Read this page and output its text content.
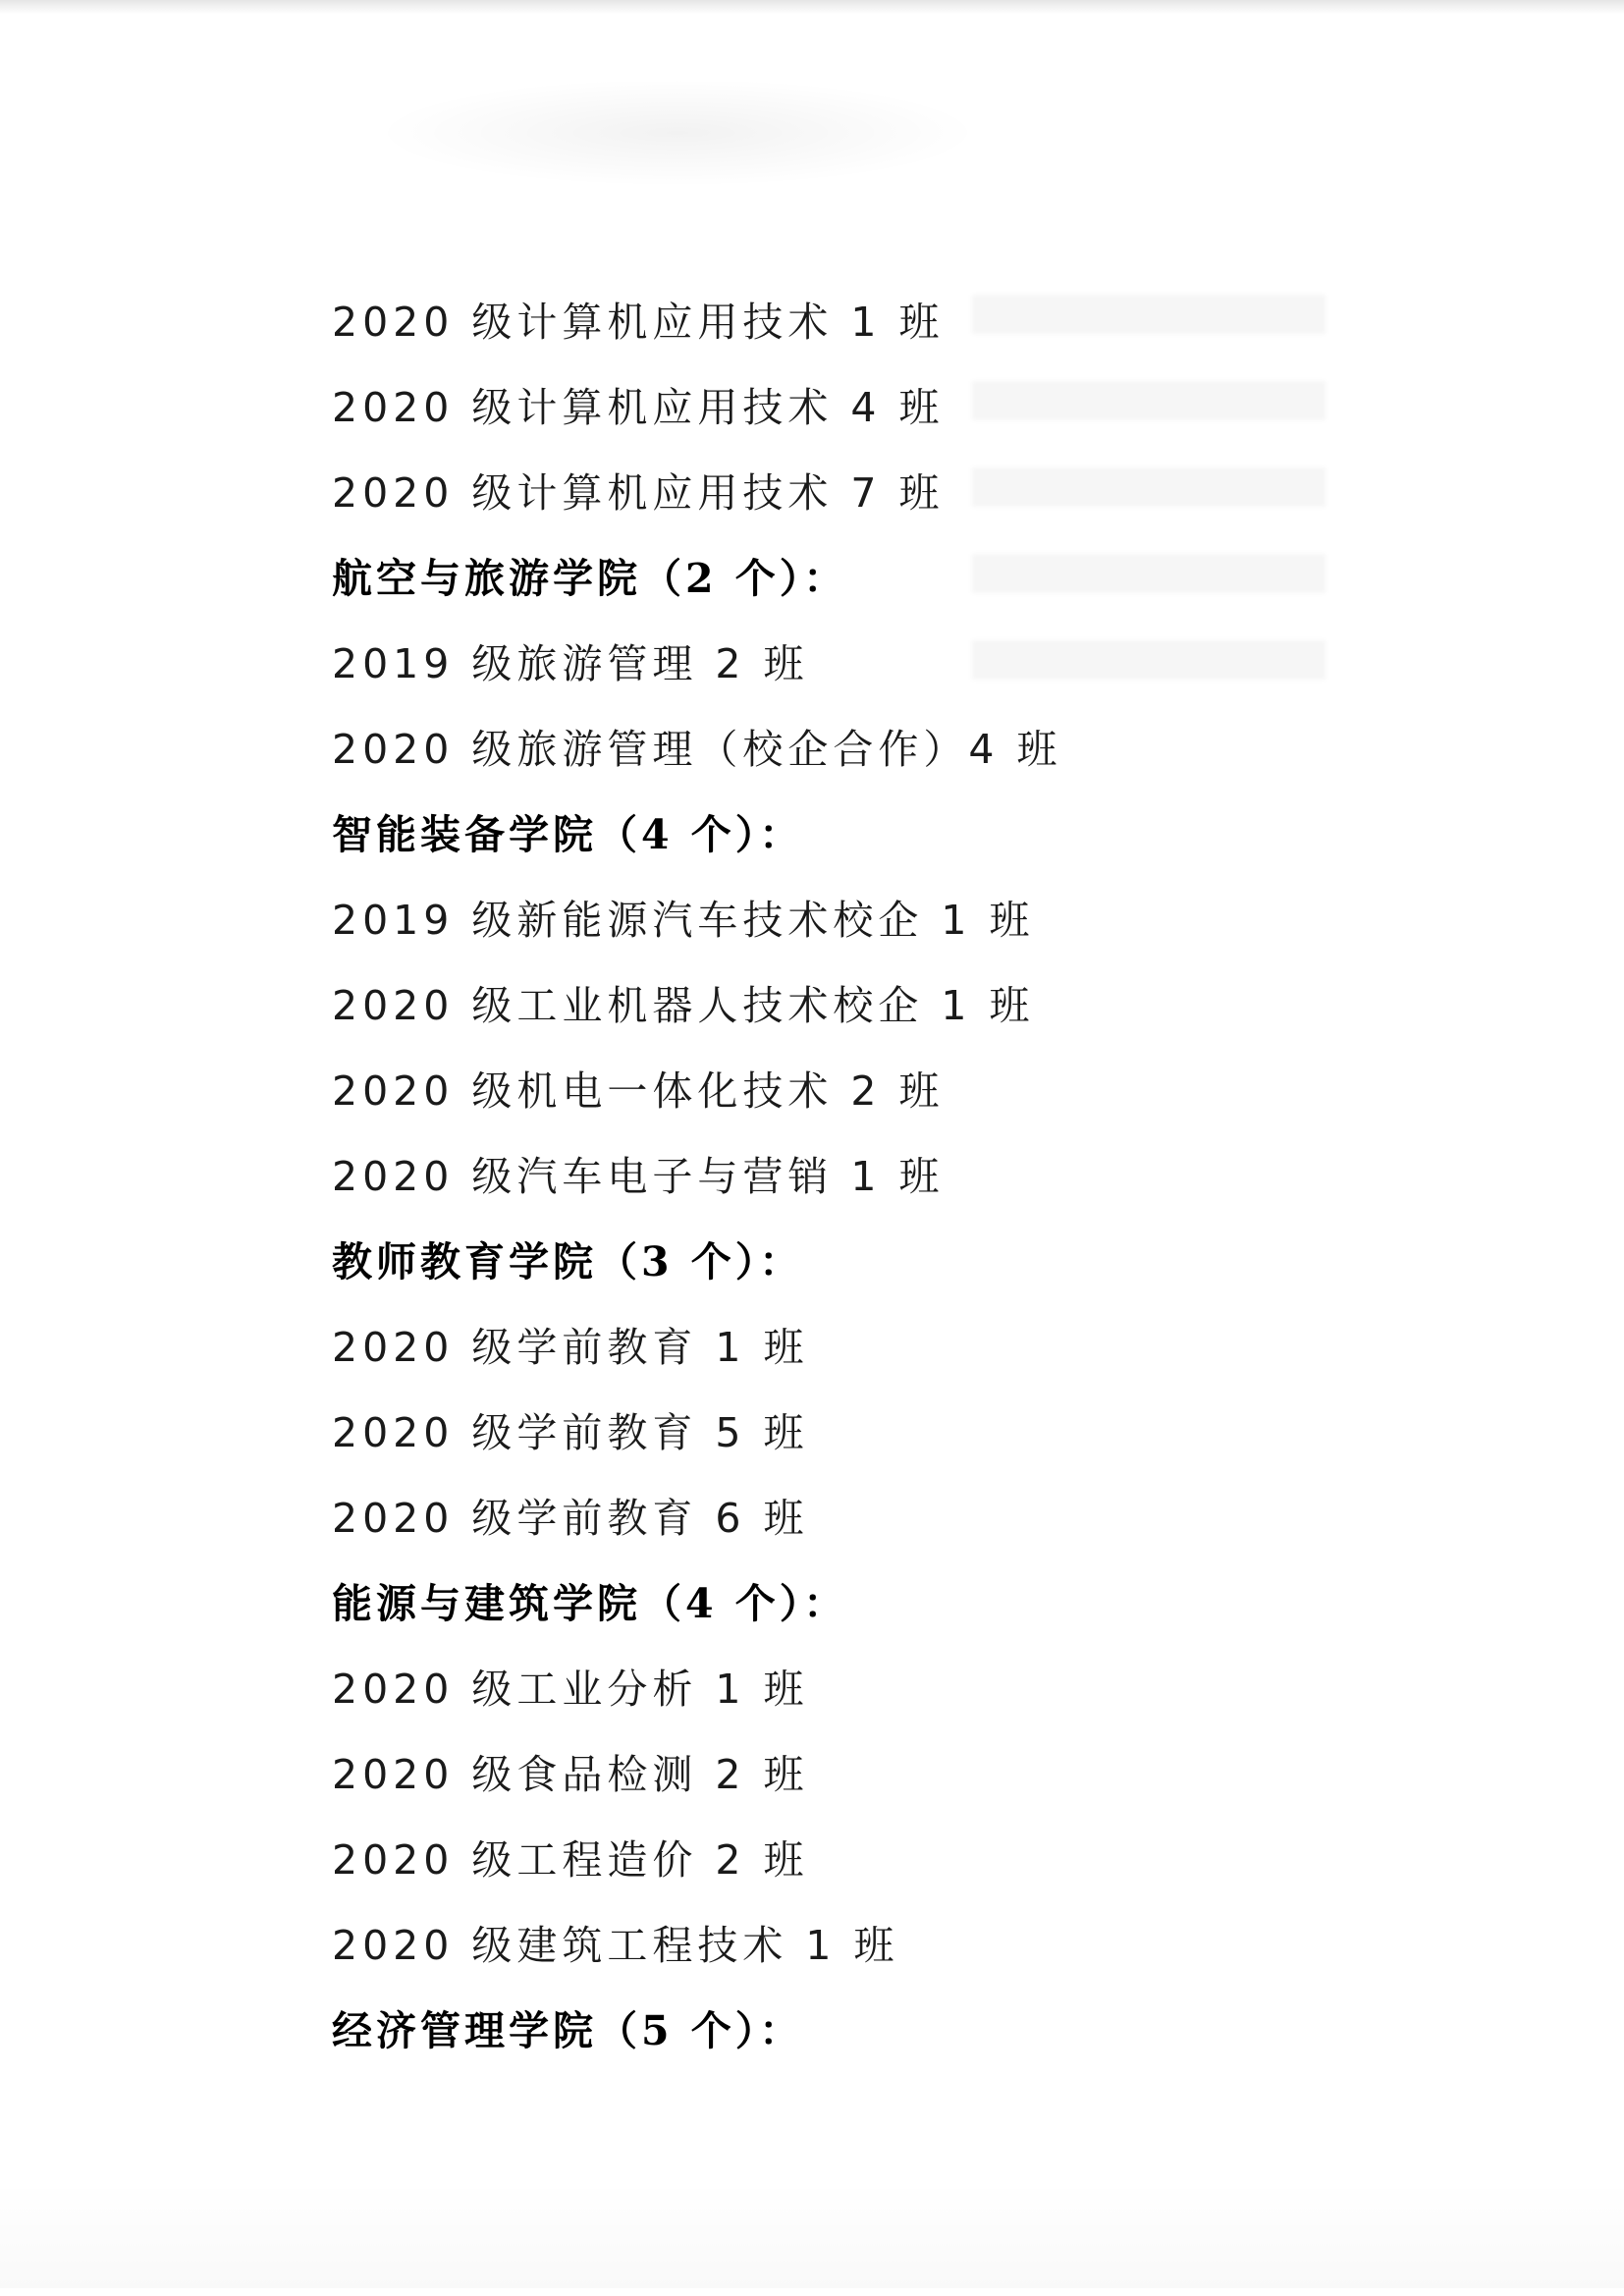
2020 级计算机应用技术 1 班
2020 级计算机应用技术 4 班
2020 级计算机应用技术 7 班
航空与旅游学院（2 个）：
2019 级旅游管理 2 班
2020 级旅游管理（校企合作）4 班
智能装备学院（4 个）：
2019 级新能源汽车技术校企 1 班
2020 级工业机器人技术校企 1 班
2020 级机电一体化技术 2 班
2020 级汽车电子与营销 1 班
教师教育学院（3 个）：
2020 级学前教育 1 班
2020 级学前教育 5 班
2020 级学前教育 6 班
能源与建筑学院（4 个）：
2020 级工业分析 1 班
2020 级食品检测 2 班
2020 级工程造价 2 班
2020 级建筑工程技术 1 班
经济管理学院（5 个）：
